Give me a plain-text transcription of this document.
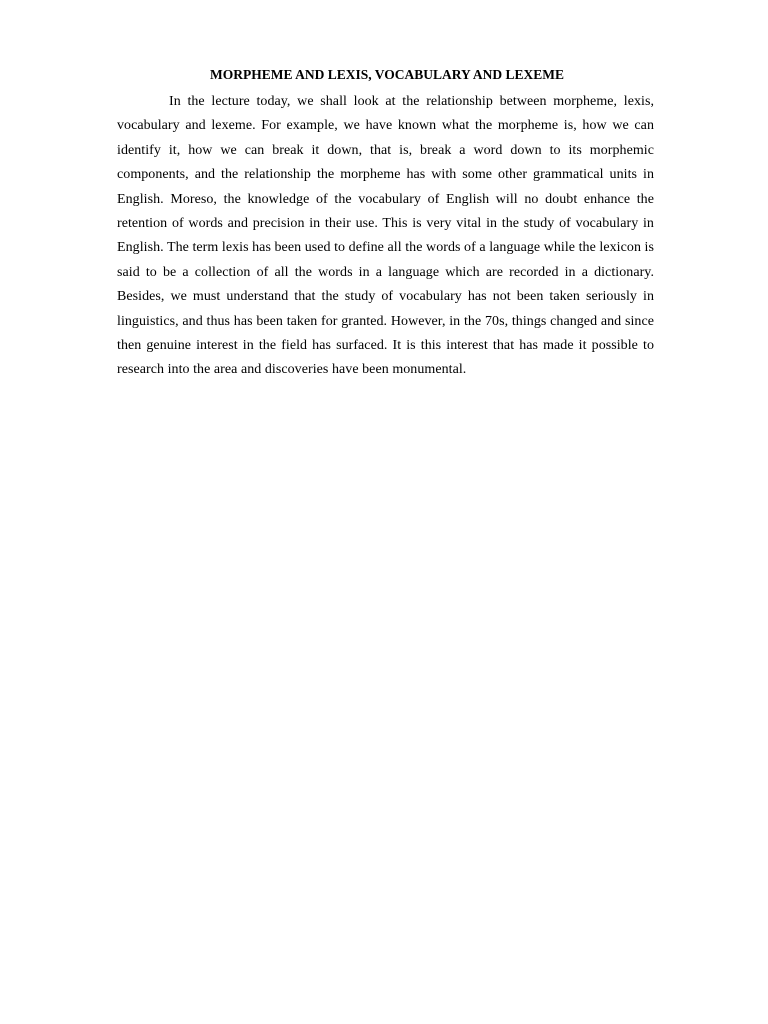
MORPHEME AND LEXIS, VOCABULARY AND LEXEME

In the lecture today, we shall look at the relationship between morpheme, lexis, vocabulary and lexeme. For example, we have known what the morpheme is, how we can identify it, how we can break it down, that is, break a word down to its morphemic components, and the relationship the morpheme has with some other grammatical units in English. Moreso, the knowledge of the vocabulary of English will no doubt enhance the retention of words and precision in their use. This is very vital in the study of vocabulary in English. The term lexis has been used to define all the words of a language while the lexicon is said to be a collection of all the words in a language which are recorded in a dictionary. Besides, we must understand that the study of vocabulary has not been taken seriously in linguistics, and thus has been taken for granted. However, in the 70s, things changed and since then genuine interest in the field has surfaced. It is this interest that has made it possible to research into the area and discoveries have been monumental.
